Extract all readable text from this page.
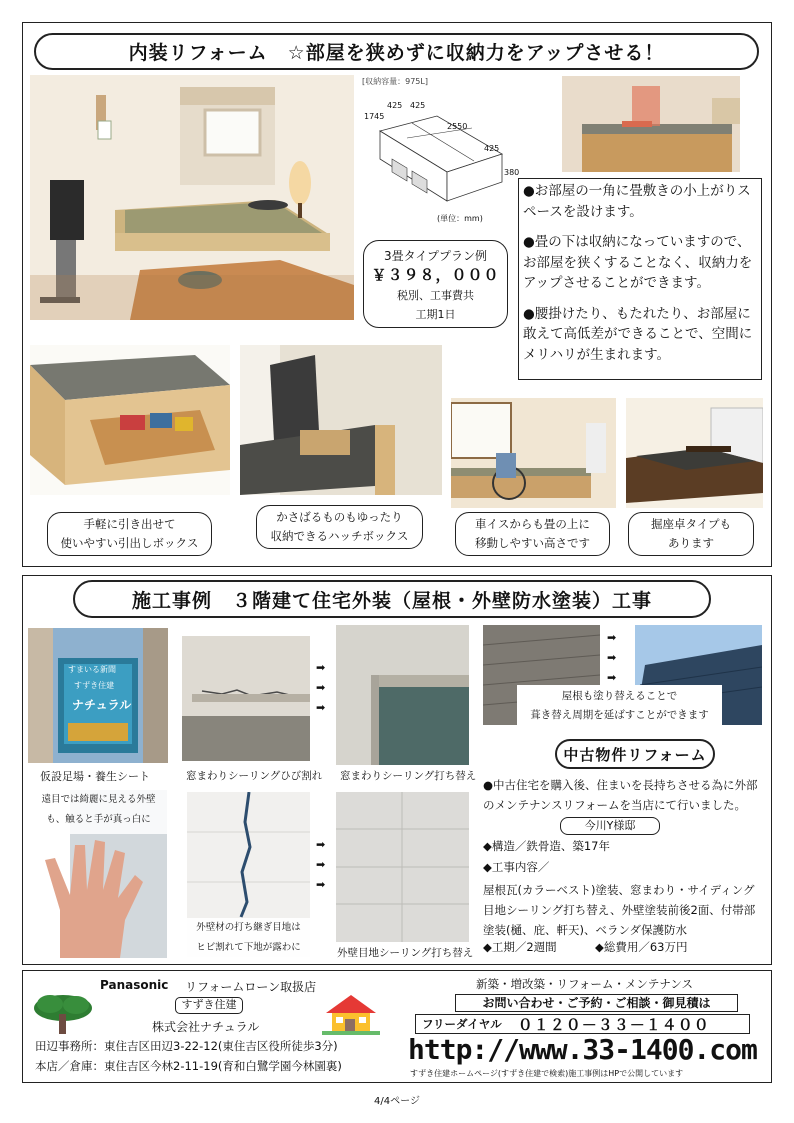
内装リフォーム　☆部屋を狭めずに収納力をアップさせる！
[収納容量：975L]
425 425
1745
2550
425
380
(単位：mm)
3畳タイププラン例
￥３９８，０００
税別、工事費共
工期1日
●お部屋の一角に畳敷きの小上がりスペースを設けます。
●畳の下は収納になっていますので、お部屋を狭くすることなく、収納力をアップさせることができます。
●腰掛けたり、もたれたり、お部屋に敢えて高低差ができることで、空間にメリハリが生まれます。
手軽に引き出せて
使いやすい引出しボックス
かさばるものもゆったり
収納できるハッチボックス
車イスからも畳の上に
移動しやすい高さです
掘座卓タイプも
あります
施工事例　３階建て住宅外装（屋根・外壁防水塗装）工事
すまいる新聞
すずき住建
ナチュラル
仮設足場・養生シート	窓まわりシーリングひび割れ
➡
➡
➡
窓まわりシーリング打ち替え
➡
➡
➡
屋根も塗り替えることで
葺き替え周期を延ばすことができます
遠目では綺麗に見える外壁
も、触ると手が真っ白に
外壁材の打ち継ぎ目地は
ヒビ割れて下地が露わに
➡
➡
➡
外壁目地シーリング打ち替え
中古物件リフォーム
●中古住宅を購入後、住まいを長持ちさせる為に外部のメンテナンスリフォームを当店にて行いました。
今川Y様邸
◆構造／鉄骨造、築17年
◆工事内容／
屋根瓦(カラーベスト)塗装、窓まわり・サイディング目地シーリング打ち替え、外壁塗装前後2面、付帯部塗装(樋、庇、軒天)、ベランダ保護防水
◆工期／2週間	◆総費用／63万円
Panasonic リフォームローン取扱店
すずき住建
株式会社ナチュラル
田辺事務所：東住吉区田辺3-22-12(東住吉区役所徒歩3分)
本店／倉庫：東住吉区今林2-11-19(育和白鷺学園今林園裏)
新築・増改築・リフォーム・メンテナンス
お問い合わせ・ご予約・ご相談・御見積は
フリーダイヤル ０１２０－３３－１４００
http://www.33-1400.com
すずき住建ホームページ(すずき住建で検索)施工事例はHPで公開しています
4/4ページ
